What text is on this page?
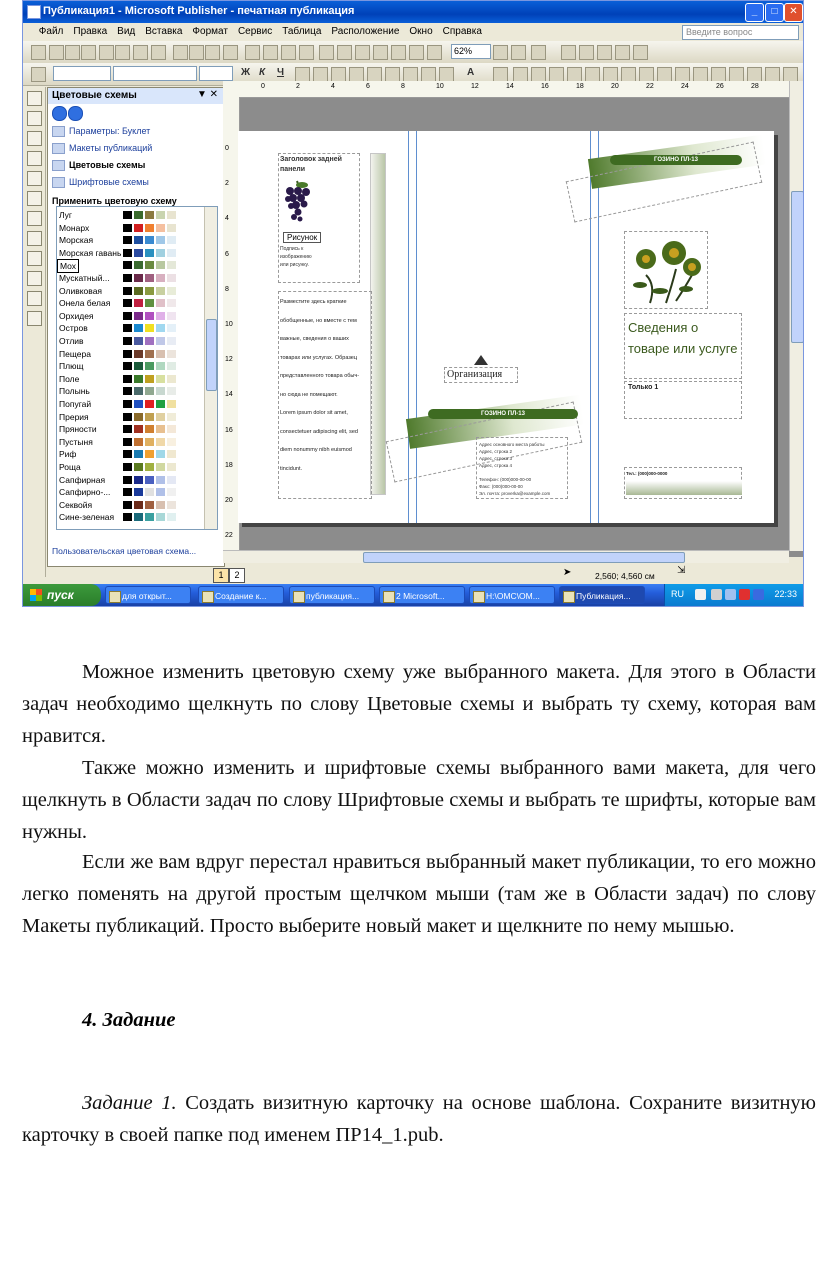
Публикация1 - Microsoft Publisher - печатная публикация	_	□	✕
Файл Правка Вид Вставка Формат Сервис Таблица Расположение Окно Справка	Введите вопрос
62%
Ж К Ч	A
Цветовые схемы	▼ ✕
Параметры: Буклет
Макеты публикаций
Цветовые схемы
Шрифтовые схемы
Применить цветовую схему
Луг
Монарх
Морская
Морская гавань
Мох
Мускатный...
Оливковая
Онела белая
Орхидея
Остров
Отлив
Пещера
Плющ
Поле
Полынь
Попугай
Прерия
Пряности
Пустыня
Риф
Роща
Сапфирная
Сапфирно-...
Секвойя
Сине-зеленая
Пользовательская цветовая схема...
0	2	4	6	8	10	12	14	16	18	20	22	24	26	28
0
2
4
6
8
10
12
14
16
18
20
22
Заголовок задней панели
Рисунок
Подпись к изображению или рисунку.
Разместите здесь краткие
обобщенные, но вместе с тем
важные, сведения о ваших
товарах или услугах. Образец
представленного товара обыч-
но сюда не помещают.
Lorem ipsum dolor sit amet,
consectetuer adipiscing elit, sed
diem nonummy nibh euismod
tincidunt.
Организация
ГОЗИНО ПЛ-13
Адрес основного места работы
Адрес, строка 2
Адрес, строка 3
Адрес, строка 4
Телефон: (000)000-00-00
Факс: (000)000-00-00
Эл. почта: proverka@example.com
ГОЗИНО ПЛ-13
Сведения о товаре или услуге
Только 1
Тел.: (000)000-0000
1 2	➤	2,560; 4,560 см ⇲
пуск	для открыт...	Создание к...	публикация...	2 Microsoft...	H:\ОМС\ОМ...	Публикация...	RU	22:33

Можное изменить цветовую схему уже выбранного макета. Для этого в Области задач необходимо щелкнуть по слову Цветовые схемы и выбрать ту схему, которая вам нравится.

Также можно изменить и шрифтовые схемы выбранного вами макета, для чего щелкнуть в Области задач по слову Шрифтовые схемы и выбрать те шрифты, которые вам нужны.

Если же вам вдруг перестал нравиться выбранный макет публикации, то его можно легко поменять на другой простым щелчком мыши (там же в Области задач) по слову Макеты публикаций. Просто выберите новый макет и щелкните по нему мышью.

4. Задание

Задание 1. Создать визитную карточку на основе шаблона. Сохраните визитную карточку в своей папке под именем ПР14_1.pub.
